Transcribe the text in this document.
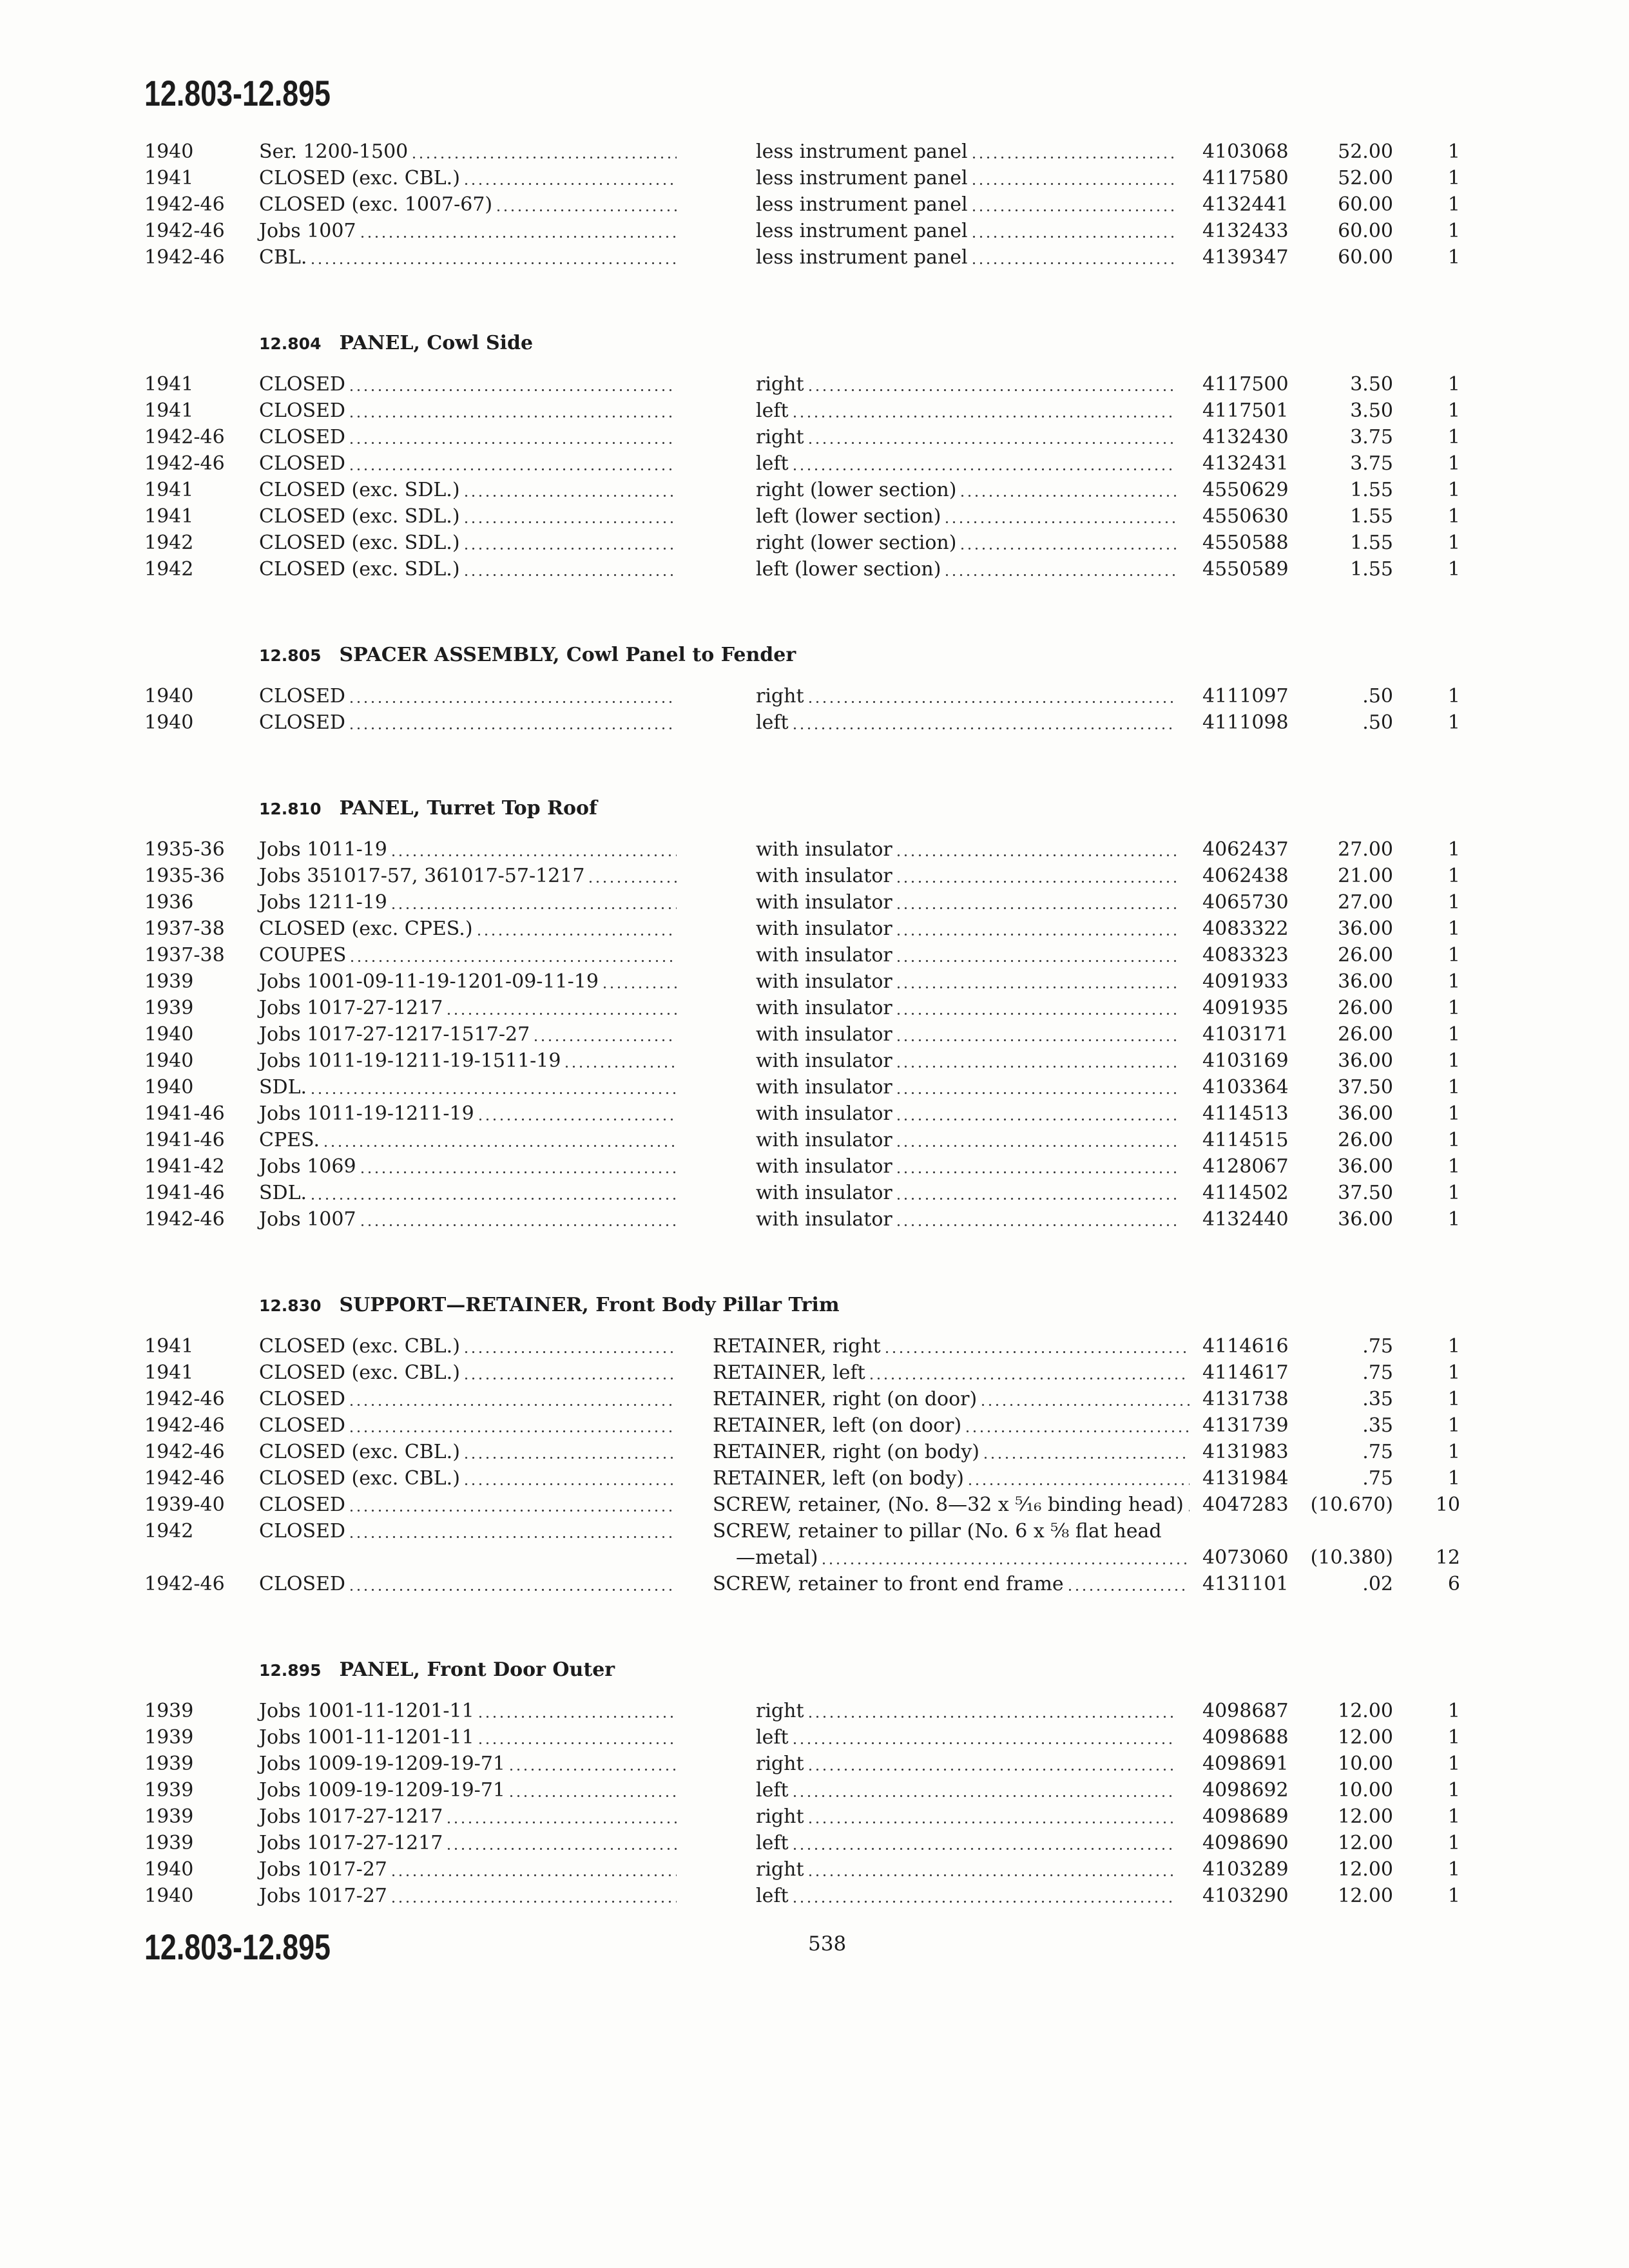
12.803-12.895
1940	Ser. 1200-1500	less instrument panel	4103068	52.00	1
1941	CLOSED (exc. CBL.)	less instrument panel	4117580	52.00	1
1942-46 CLOSED (exc. 1007-67)	less instrument panel	4132441	60.00	1
1942-46 Jobs 1007	less instrument panel	4132433	60.00	1
1942-46 CBL.	less instrument panel	4139347	60.00	1
12.804 PANEL, Cowl Side
1941	CLOSED	right	4117500	3.50	1
1941	CLOSED	left	4117501	3.50	1
1942-46 CLOSED	right	4132430	3.75	1
1942-46 CLOSED	left	4132431	3.75	1
1941	CLOSED (exc. SDL.)	right (lower section)	4550629	1.55	1
1941	CLOSED (exc. SDL.)	left (lower section)	4550630	1.55	1
1942	CLOSED (exc. SDL.)	right (lower section)	4550588	1.55	1
1942	CLOSED (exc. SDL.)	left (lower section)	4550589	1.55	1
12.805 SPACER ASSEMBLY, Cowl Panel to Fender
1940	CLOSED	right	4111097	.50	1
1940	CLOSED	left	4111098	.50	1
12.810 PANEL, Turret Top Roof
1935-36 Jobs 1011-19	with insulator	4062437	27.00	1
1935-36 Jobs 351017-57, 361017-57-1217	with insulator	4062438	21.00	1
1936	Jobs 1211-19	with insulator	4065730	27.00	1
1937-38 CLOSED (exc. CPES.)	with insulator	4083322	36.00	1
1937-38 COUPES	with insulator	4083323	26.00	1
1939	Jobs 1001-09-11-19-1201-09-11-19	with insulator	4091933	36.00	1
1939	Jobs 1017-27-1217	with insulator	4091935	26.00	1
1940	Jobs 1017-27-1217-1517-27	with insulator	4103171	26.00	1
1940	Jobs 1011-19-1211-19-1511-19	with insulator	4103169	36.00	1
1940	SDL.	with insulator	4103364	37.50	1
1941-46 Jobs 1011-19-1211-19	with insulator	4114513	36.00	1
1941-46 CPES.	with insulator	4114515	26.00	1
1941-42 Jobs 1069	with insulator	4128067	36.00	1
1941-46 SDL.	with insulator	4114502	37.50	1
1942-46 Jobs 1007	with insulator	4132440	36.00	1
12.830 SUPPORT—RETAINER, Front Body Pillar Trim
1941	CLOSED (exc. CBL.)	RETAINER, right	4114616	.75	1
1941	CLOSED (exc. CBL.)	RETAINER, left	4114617	.75	1
1942-46 CLOSED	RETAINER, right (on door)	4131738	.35	1
1942-46 CLOSED	RETAINER, left (on door)	4131739	.35	1
1942-46 CLOSED (exc. CBL.)	RETAINER, right (on body)	4131983	.75	1
1942-46 CLOSED (exc. CBL.)	RETAINER, left (on body)	4131984	.75	1
1939-40 CLOSED	SCREW, retainer, (No. 8—32 x ⁵⁄₁₆ binding head) 4047283	(10.670)	10
1942	CLOSED	SCREW, retainer to pillar (No. 6 x ⅝ flat head
—metal)	4073060	(10.380)	12
1942-46 CLOSED	SCREW, retainer to front end frame	4131101	.02	6
12.895 PANEL, Front Door Outer
1939	Jobs 1001-11-1201-11	right	4098687	12.00	1
1939	Jobs 1001-11-1201-11	left	4098688	12.00	1
1939	Jobs 1009-19-1209-19-71	right	4098691	10.00	1
1939	Jobs 1009-19-1209-19-71	left	4098692	10.00	1
1939	Jobs 1017-27-1217	right	4098689	12.00	1
1939	Jobs 1017-27-1217	left	4098690	12.00	1
1940	Jobs 1017-27	right	4103289	12.00	1
1940	Jobs 1017-27	left	4103290	12.00	1
12.803-12.895	538
